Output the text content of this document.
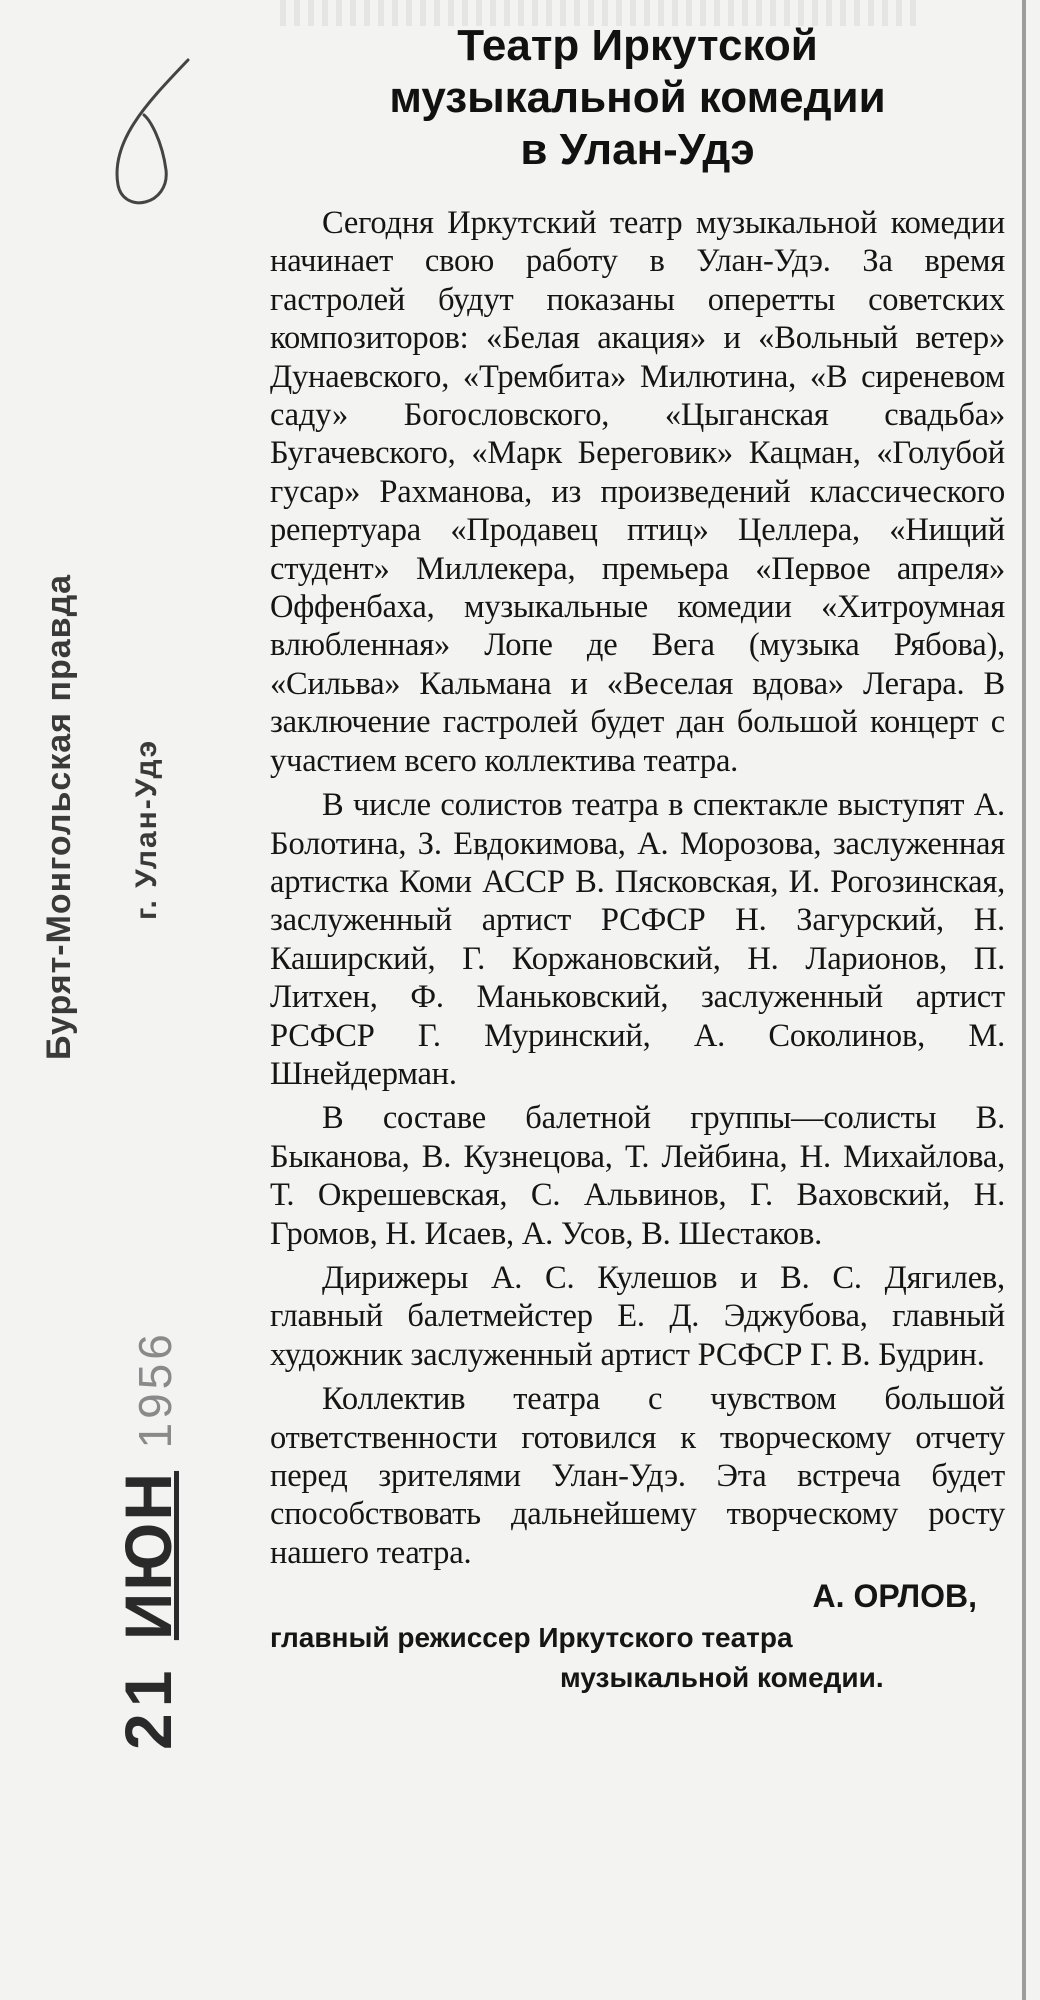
Бурят-Монгольская правда г. Улан-Удэ
21 ИЮН 1956
Театр Иркутской
музыкальной комедии
в Улан-Удэ

Сегодня Иркутский театр музыкальной комедии начинает свою работу в Улан-Удэ. За время гастролей будут показаны оперетты советских композиторов: «Белая акация» и «Вольный ветер» Дунаевского, «Трембита» Милютина, «В сиреневом саду» Богословского, «Цыганская свадьба» Бугачевского, «Марк Береговик» Кацман, «Голубой гусар» Рахманова, из произведений классического репертуара «Продавец птиц» Целлера, «Нищий студент» Миллекера, премьера «Первое апреля» Оффенбаха, музыкальные комедии «Хитроумная влюбленная» Лопе де Вега (музыка Рябова), «Сильва» Кальмана и «Веселая вдова» Легара. В заключение гастролей будет дан большой концерт с участием всего коллектива театра.

В числе солистов театра в спектакле выступят А. Болотина, З. Евдокимова, А. Морозова, заслуженная артистка Коми АССР В. Пясковская, И. Рогозинская, заслуженный артист РСФСР Н. Загурский, Н. Каширский, Г. Коржановский, Н. Ларионов, П. Литхен, Ф. Маньковский, заслуженный артист РСФСР Г. Муринский, А. Соколинов, М. Шнейдерман.

В составе балетной группы—солисты В. Быканова, В. Кузнецова, Т. Лейбина, Н. Михайлова, Т. Окрешевская, С. Альвинов, Г. Ваховский, Н. Громов, Н. Исаев, А. Усов, В. Шестаков.

Дирижеры А. С. Кулешов и В. С. Дягилев, главный балетмейстер Е. Д. Эджубова, главный художник заслуженный артист РСФСР Г. В. Будрин.

Коллектив театра с чувством большой ответственности готовился к творческому отчету перед зрителями Улан-Удэ. Эта встреча будет способствовать дальнейшему творческому росту нашего театра.

А. ОРЛОВ,
главный режиссер Иркутского театра
музыкальной комедии.
